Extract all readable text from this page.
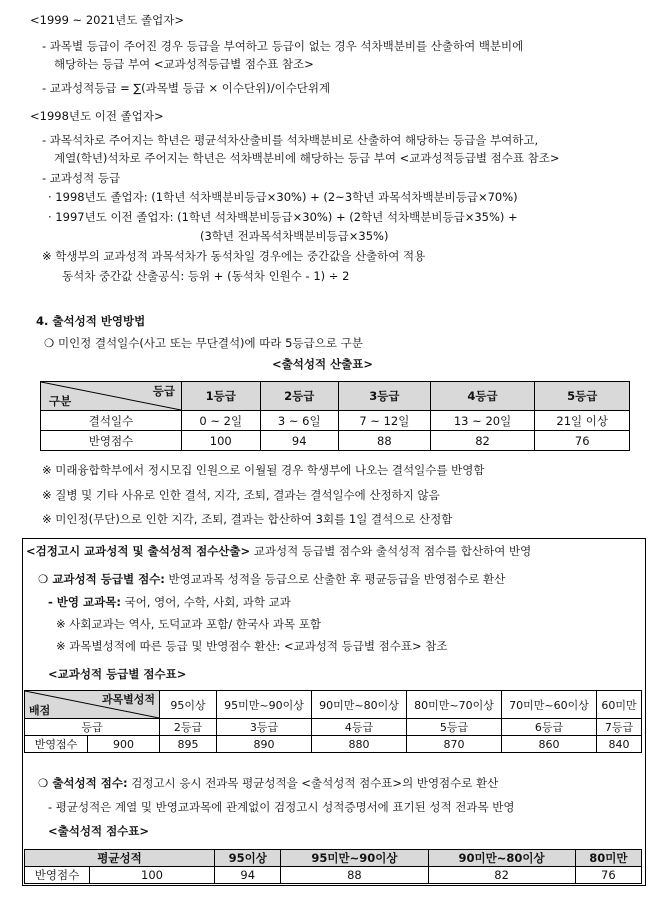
<1999 ~ 2021년도 졸업자>
- 과목별 등급이 주어진 경우 등급을 부여하고 등급이 없는 경우 석차백분비를 산출하여 백분비에
해당하는 등급 부여 <교과성적등급별 점수표 참조>
- 교과성적등급 = ∑(과목별 등급 × 이수단위)/이수단위계
<1998년도 이전 졸업자>
- 과목석차로 주어지는 학년은 평균석차산출비를 석차백분비로 산출하여 해당하는 등급을 부여하고,
계열(학년)석차로 주어지는 학년은 석차백분비에 해당하는 등급 부여 <교과성적등급별 점수표 참조>
- 교과성적 등급
· 1998년도 졸업자: (1학년 석차백분비등급×30%) + (2~3학년 과목석차백분비등급×70%)
· 1997년도 이전 졸업자: (1학년 석차백분비등급×30%) + (2학년 석차백분비등급×35%) +
(3학년 전과목석차백분비등급×35%)
※ 학생부의 교과성적 과목석차가 동석차일 경우에는 중간값을 산출하여 적용
동석차 중간값 산출공식: 등위 + (동석차 인원수 - 1) ÷ 2
4. 출석성적 반영방법
❍ 미인정 결석일수(사고 또는 무단결석)에 따라 5등급으로 구분
<출석성적 산출표>
등급
구분	1등급	2등급	3등급	4등급	5등급
결석일수	0 ~ 2일	3 ~ 6일	7 ~ 12일	13 ~ 20일	21일 이상
반영점수	100	94	88	82	76
※ 미래융합학부에서 정시모집 인원으로 이월될 경우 학생부에 나오는 결석일수를 반영함
※ 질병 및 기타 사유로 인한 결석, 지각, 조퇴, 결과는 결석일수에 산정하지 않음
※ 미인정(무단)으로 인한 지각, 조퇴, 결과는 합산하여 3회를 1일 결석으로 산정함
<검정고시 교과성적 및 출석성적 점수산출> 교과성적 등급별 점수와 출석성적 점수를 합산하여 반영
❍ 교과성적 등급별 점수: 반영교과목 성적을 등급으로 산출한 후 평균등급을 반영점수로 환산
- 반영 교과목: 국어, 영어, 수학, 사회, 과학 교과
※ 사회교과는 역사, 도덕교과 포함/ 한국사 과목 포함
※ 과목별성적에 따른 등급 및 반영점수 환산: <교과성적 등급별 점수표> 참조
<교과성적 등급별 점수표>
과목별성적
배점		95이상	95미만~90이상	90미만~80이상	80미만~70이상	70미만~60이상	60미만
등급		2등급	3등급	4등급	5등급	6등급	7등급
반영점수	900	895	890	880	870	860	840
❍ 출석성적 점수: 검정고시 응시 전과목 평균성적을 <출석성적 점수표>의 반영점수로 환산
- 평균성적은 계열 및 반영교과목에 관계없이 검정고시 성적증명서에 표기된 성적 전과목 반영
<출석성적 점수표>
평균성적		95이상	95미만~90이상	90미만~80이상	80미만
반영점수	100	94	88	82	76
